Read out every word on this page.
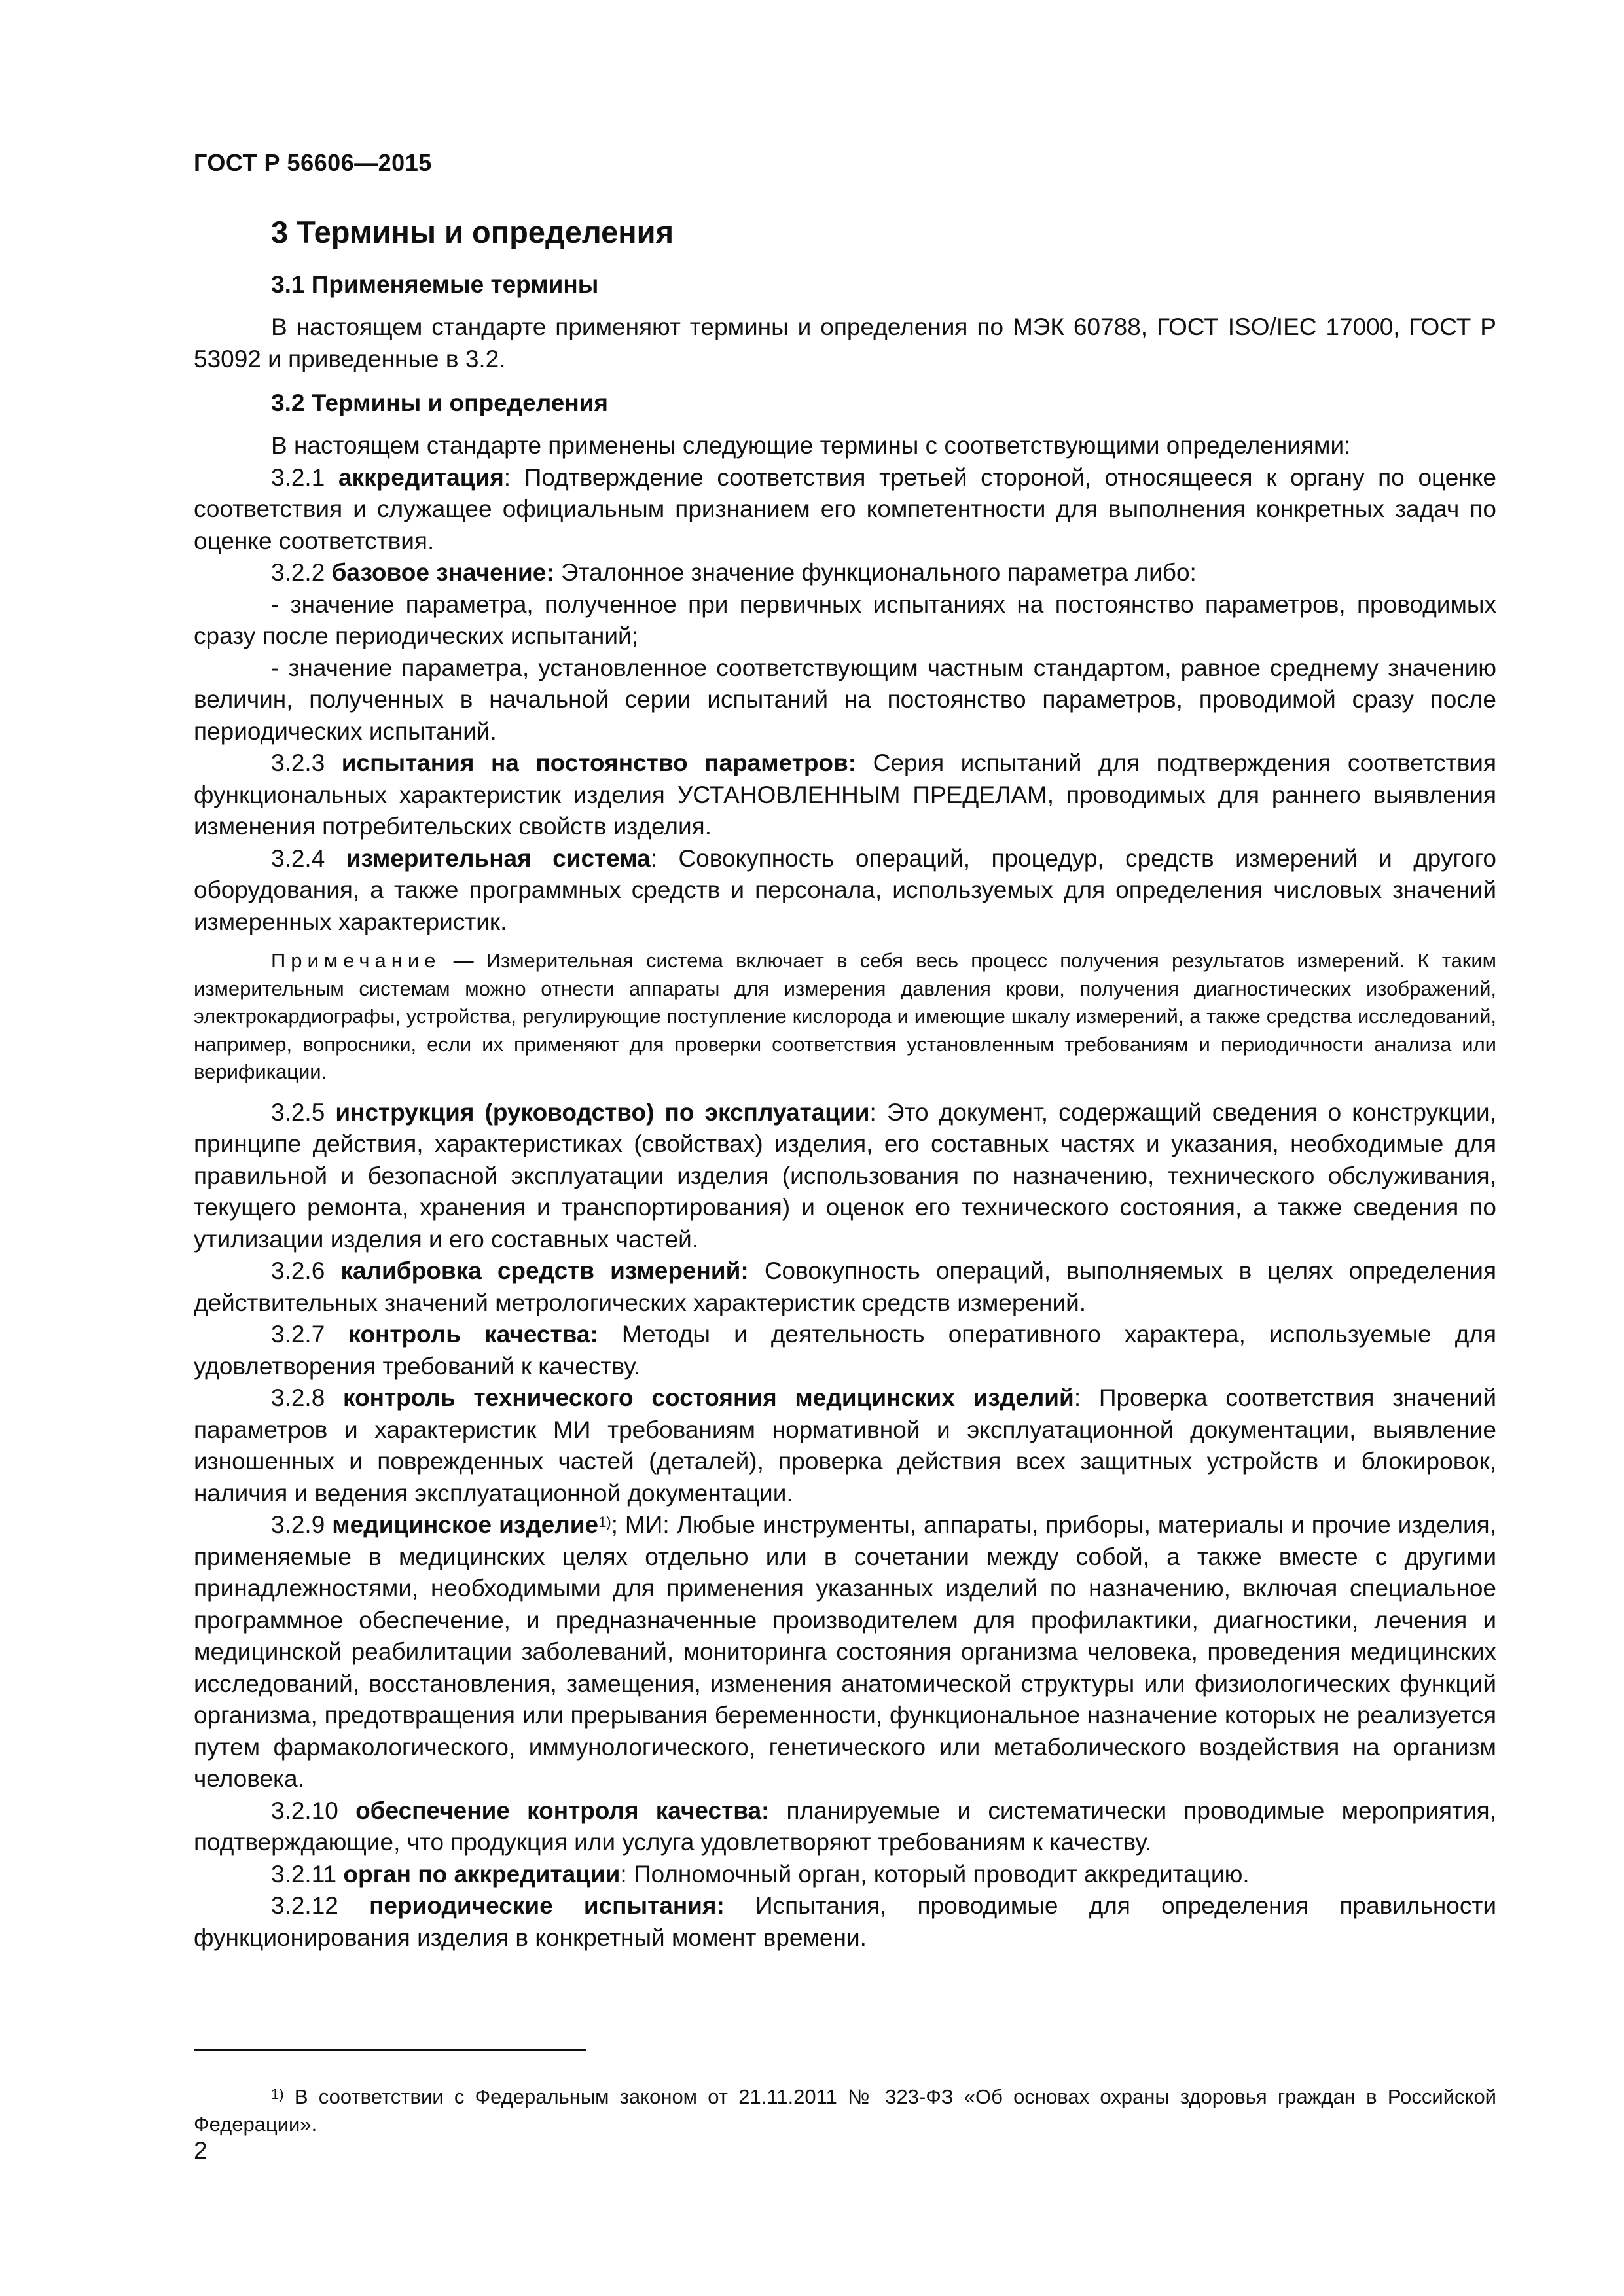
ГОСТ Р 56606—2015
3 Термины и определения
3.1 Применяемые термины

В настоящем стандарте применяют термины и определения по МЭК 60788, ГОСТ ISO/IEC 17000, ГОСТ Р 53092 и приведенные в 3.2.

3.2 Термины и определения

В настоящем стандарте применены следующие термины с соответствующими определениями:

3.2.1 аккредитация: Подтверждение соответствия третьей стороной, относящееся к органу по оценке соответствия и служащее официальным признанием его компетентности для выполнения конкретных задач по оценке соответствия.

3.2.2 базовое значение: Эталонное значение функционального параметра либо:

- значение параметра, полученное при первичных испытаниях на постоянство параметров, проводимых сразу после периодических испытаний;

- значение параметра, установленное соответствующим частным стандартом, равное среднему значению величин, полученных в начальной серии испытаний на постоянство параметров, проводимой сразу после периодических испытаний.

3.2.3 испытания на постоянство параметров: Серия испытаний для подтверждения соответствия функциональных характеристик изделия УСТАНОВЛЕННЫМ ПРЕДЕЛАМ, проводимых для раннего выявления изменения потребительских свойств изделия.

3.2.4 измерительная система: Совокупность операций, процедур, средств измерений и другого оборудования, а также программных средств и персонала, используемых для определения числовых значений измеренных характеристик.

Примечание — Измерительная система включает в себя весь процесс получения результатов измерений. К таким измерительным системам можно отнести аппараты для измерения давления крови, получения диагностических изображений, электрокардиографы, устройства, регулирующие поступление кислорода и имеющие шкалу измерений, а также средства исследований, например, вопросники, если их применяют для проверки соответствия установленным требованиям и периодичности анализа или верификации.

3.2.5 инструкция (руководство) по эксплуатации: Это документ, содержащий сведения о конструкции, принципе действия, характеристиках (свойствах) изделия, его составных частях и указания, необходимые для правильной и безопасной эксплуатации изделия (использования по назначению, технического обслуживания, текущего ремонта, хранения и транспортирования) и оценок его технического состояния, а также сведения по утилизации изделия и его составных частей.

3.2.6 калибровка средств измерений: Совокупность операций, выполняемых в целях определения действительных значений метрологических характеристик средств измерений.

3.2.7 контроль качества: Методы и деятельность оперативного характера, используемые для удовлетворения требований к качеству.

3.2.8 контроль технического состояния медицинских изделий: Проверка соответствия значений параметров и характеристик МИ требованиям нормативной и эксплуатационной документации, выявление изношенных и поврежденных частей (деталей), проверка действия всех защитных устройств и блокировок, наличия и ведения эксплуатационной документации.

3.2.9 медицинское изделие$^{1)}$; МИ: Любые инструменты, аппараты, приборы, материалы и прочие изделия, применяемые в медицинских целях отдельно или в сочетании между собой, а также вместе с другими принадлежностями, необходимыми для применения указанных изделий по назначению, включая специальное программное обеспечение, и предназначенные производителем для профилактики, диагностики, лечения и медицинской реабилитации заболеваний, мониторинга состояния организма человека, проведения медицинских исследований, восстановления, замещения, изменения анатомической структуры или физиологических функций организма, предотвращения или прерывания беременности, функциональное назначение которых не реализуется путем фармакологического, иммунологического, генетического или метаболического воздействия на организм человека.

3.2.10 обеспечение контроля качества: планируемые и систематически проводимые мероприятия, подтверждающие, что продукция или услуга удовлетворяют требованиям к качеству.

3.2.11 орган по аккредитации: Полномочный орган, который проводит аккредитацию.

3.2.12 периодические испытания: Испытания, проводимые для определения правильности функционирования изделия в конкретный момент времени.

$^{1)}$ В соответствии с Федеральным законом от 21.11.2011 № 323-ФЗ «Об основах охраны здоровья граждан в Российской Федерации».

2
